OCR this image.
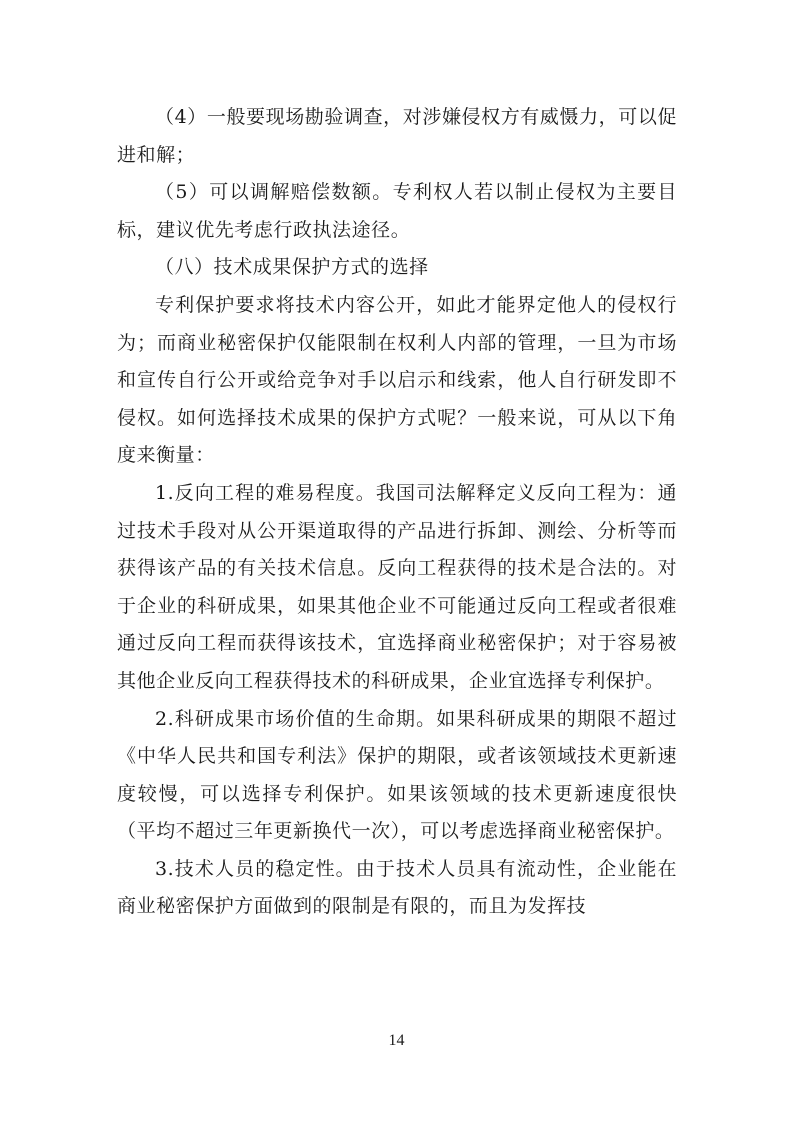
（4）一般要现场勘验调查，对涉嫌侵权方有威慑力，可以促进和解；

（5）可以调解赔偿数额。专利权人若以制止侵权为主要目标，建议优先考虑行政执法途径。

（八）技术成果保护方式的选择

专利保护要求将技术内容公开，如此才能界定他人的侵权行为；而商业秘密保护仅能限制在权利人内部的管理，一旦为市场和宣传自行公开或给竞争对手以启示和线索，他人自行研发即不侵权。如何选择技术成果的保护方式呢？一般来说，可从以下角度来衡量：

1.反向工程的难易程度。我国司法解释定义反向工程为：通过技术手段对从公开渠道取得的产品进行拆卸、测绘、分析等而获得该产品的有关技术信息。反向工程获得的技术是合法的。对于企业的科研成果，如果其他企业不可能通过反向工程或者很难通过反向工程而获得该技术，宜选择商业秘密保护；对于容易被其他企业反向工程获得技术的科研成果，企业宜选择专利保护。

2.科研成果市场价值的生命期。如果科研成果的期限不超过《中华人民共和国专利法》保护的期限，或者该领域技术更新速度较慢，可以选择专利保护。如果该领域的技术更新速度很快（平均不超过三年更新换代一次），可以考虑选择商业秘密保护。

3.技术人员的稳定性。由于技术人员具有流动性，企业能在商业秘密保护方面做到的限制是有限的，而且为发挥技

14
